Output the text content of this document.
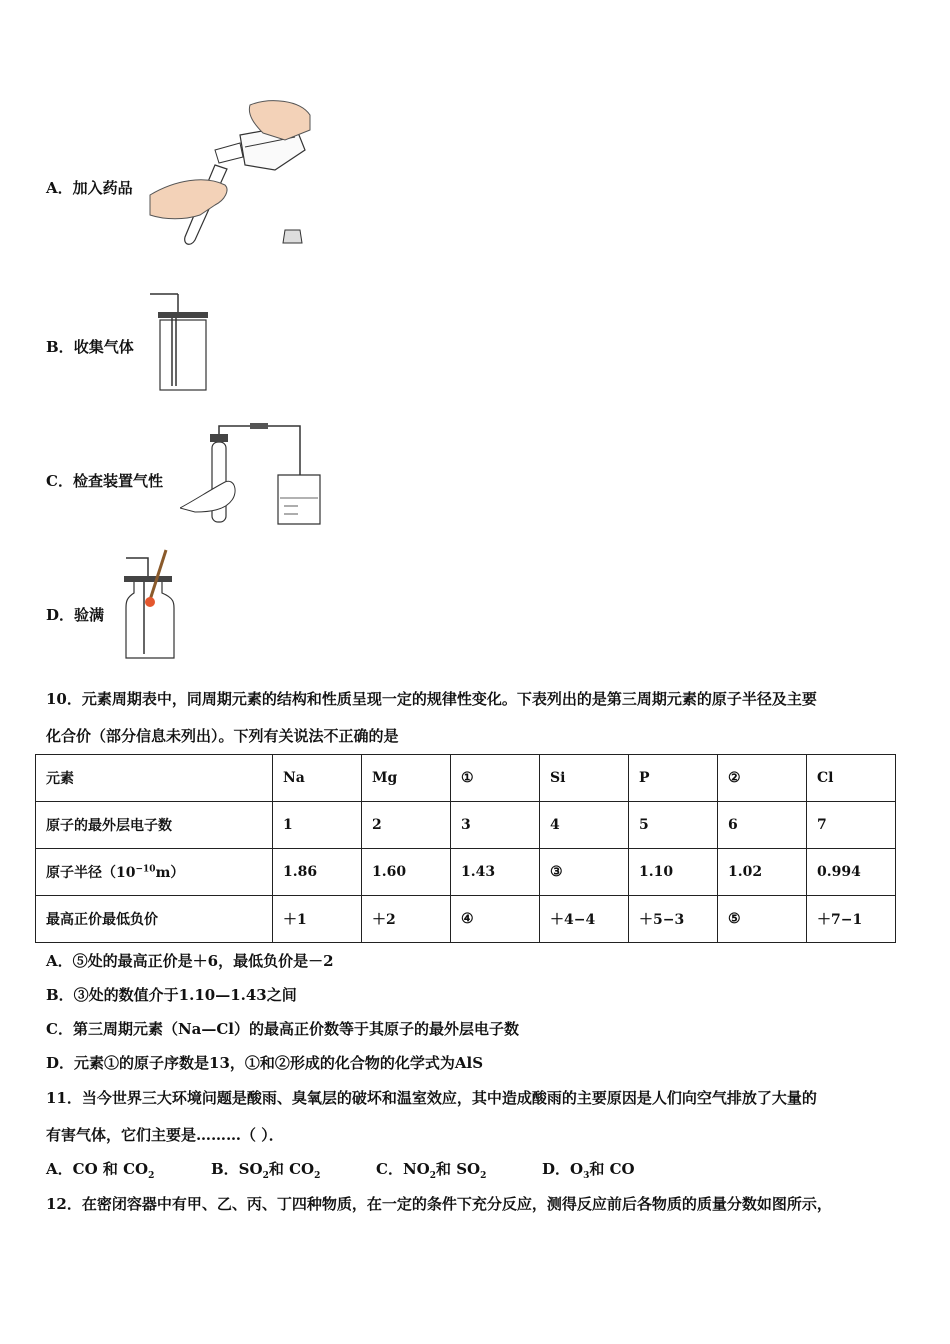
A．加入药品
B．收集气体
C．检查装置气性
D．验满
10．元素周期表中，同周期元素的结构和性质呈现一定的规律性变化。下表列出的是第三周期元素的原子半径及主要
化合价（部分信息未列出）。下列有关说法不正确的是
元素	Na	Mg	①	Si	P	②	Cl
原子的最外层电子数	1	2	3	4	5	6	7
原子半径$(10^{-10}m)$	1.86	1.60	1.43	③	1.10	1.02	0.994
最高正价最低负价	＋1	＋2	④	＋4−4	＋5−3	⑤	＋7−1
A．⑤处的最高正价是＋6，最低负价是－2
B．③处的数值介于1.10—1.43之间
C．第三周期元素（Na—Cl）的最高正价数等于其原子的最外层电子数
D．元素①的原子序数是13，①和②形成的化合物的化学式为AlS
11．当今世界三大环境问题是酸雨、臭氧层的破坏和温室效应，其中造成酸雨的主要原因是人们向空气排放了大量的
有害气体，它们主要是………（ ）．
A．CO 和 $CO_2$	B．$SO_2$和 $CO_2$	C．$NO_2$和 $SO_2$	D．$O_3$和 CO
12．在密闭容器中有甲、乙、丙、丁四种物质，在一定的条件下充分反应，测得反应前后各物质的质量分数如图所示，
